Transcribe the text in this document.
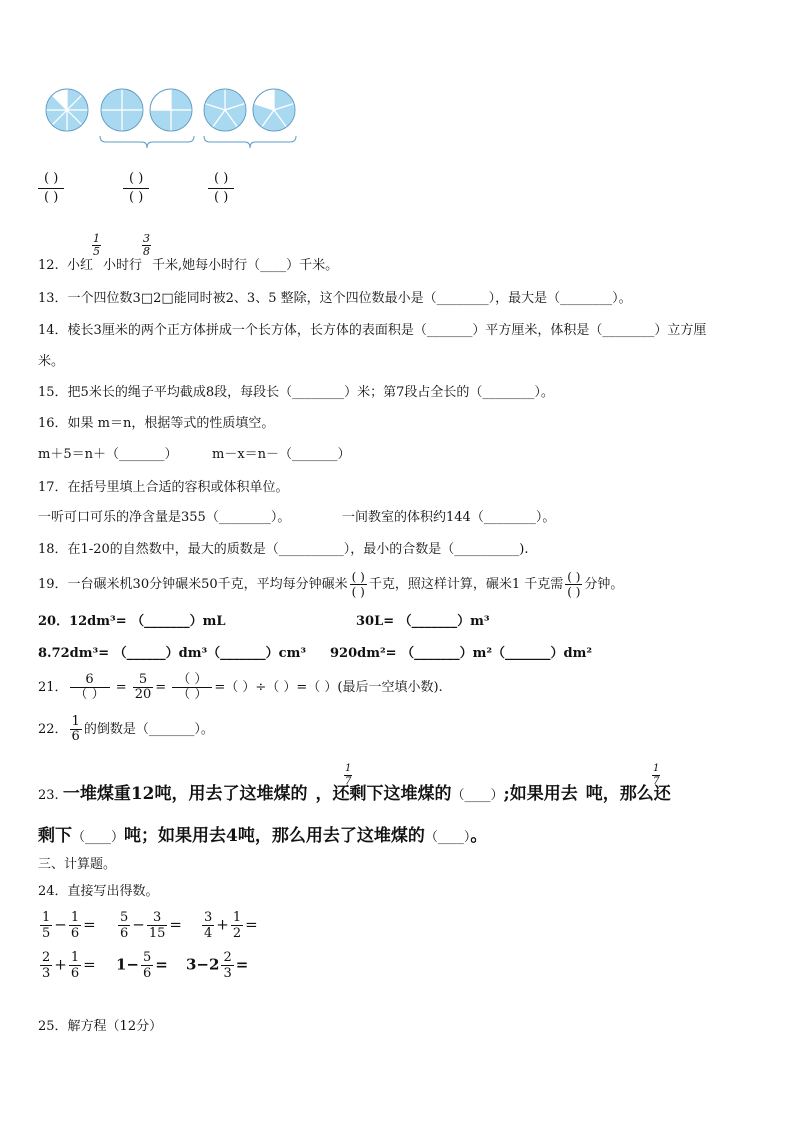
( )
( )
( )
( )
( )
( )
12. 小红 小时行 千米,她每小时行（____）千米。
1
5
3
8
13．一个四位数3□2□能同时被2、3、5 整除，这个四位数最小是（________），最大是（________）。
14．棱长3厘米的两个正方体拼成一个长方体，长方体的表面积是（_______）平方厘米，体积是（________）立方厘
米。
15．把5米长的绳子平均截成8段，每段长（________）米；第7段占全长的（________）。
16．如果 m＝n，根据等式的性质填空。
m＋5＝n＋（_______）	m－x＝n－（_______）
17．在括号里填上合适的容积或体积单位。
一听可口可乐的净含量是355（________）。	一间教室的体积约144（________）。
18．在1-20的自然数中，最大的质数是（__________），最小的合数是（__________).
19．一台碾米机30分钟碾米50千克，平均每分钟碾米 ( )
( ) 千克，照这样计算，碾米1 千克需 ( )
( ) 分钟。
20．12dm³= （_______）mL	30L= （_______）m³
8.72dm³= （______）dm³（_______）cm³ 920dm²= （_______）m²（_______）dm²
21．
6
（ ） = $\frac{5}{20}$ =
（ ）
（ ） =（ ）÷（ ）=（ ）(最后一空填小数).
22． $\frac{1}{6}$ 的倒数是（_______）。
23. 一堆煤重12吨，用去了这堆煤的 ，还剩下这堆煤的（____）;如果用去 吨，那么还
1
7
1
7
剩下（____）吨；如果用去4吨，那么用去了这堆煤的（____）。
三、计算题。
24．直接写出得数。
$\frac{1}{5} - \frac{1}{6} = \frac{5}{6} - \frac{3}{15} = \frac{3}{4} + \frac{1}{2}$ =
$\frac{2}{3} + \frac{1}{6} = 1- \frac{5}{6} = 3-2 \frac{2}{3}$ =
25．解方程（12分）
